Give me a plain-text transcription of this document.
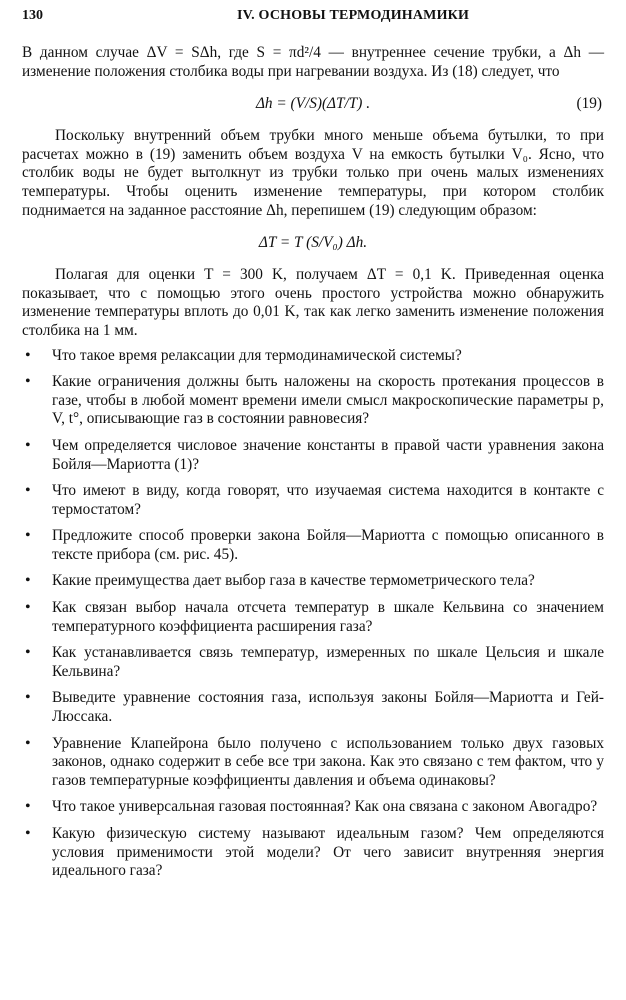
130	IV. ОСНОВЫ ТЕРМОДИНАМИКИ

В данном случае ΔV = SΔh, где S = πd²/4 — внутреннее сечение трубки, а Δh — изменение положения столбика воды при нагревании воздуха. Из (18) следует, что

Δh = (V/S)(ΔT/T) .	(19)

Поскольку внутренний объем трубки много меньше объема бутылки, то при расчетах можно в (19) заменить объем воздуха V на емкость бутылки V₀. Ясно, что столбик воды не будет вытолкнут из трубки только при очень малых изменениях температуры. Чтобы оценить изменение температуры, при котором столбик поднимается на заданное расстояние Δh, перепишем (19) следующим образом:

ΔT = T (S/V₀) Δh.

Полагая для оценки T = 300 K, получаем ΔT = 0,1 K. Приведенная оценка показывает, что с помощью этого очень простого устройства можно обнаружить изменение температуры вплоть до 0,01 K, так как легко заменить изменение положения столбика на 1 мм.

• Что такое время релаксации для термодинамической системы?
• Какие ограничения должны быть наложены на скорость протекания процессов в газе, чтобы в любой момент времени имели смысл макроскопические параметры p, V, t°, описывающие газ в состоянии равновесия?
• Чем определяется числовое значение константы в правой части уравнения закона Бойля—Мариотта (1)?
• Что имеют в виду, когда говорят, что изучаемая система находится в контакте с термостатом?
• Предложите способ проверки закона Бойля—Мариотта с помощью описанного в тексте прибора (см. рис. 45).
• Какие преимущества дает выбор газа в качестве термометрического тела?
• Как связан выбор начала отсчета температур в шкале Кельвина со значением температурного коэффициента расширения газа?
• Как устанавливается связь температур, измеренных по шкале Цельсия и шкале Кельвина?
• Выведите уравнение состояния газа, используя законы Бойля—Мариотта и Гей-Люссака.
• Уравнение Клапейрона было получено с использованием только двух газовых законов, однако содержит в себе все три закона. Как это связано с тем фактом, что у газов температурные коэффициенты давления и объема одинаковы?
• Что такое универсальная газовая постоянная? Как она связана с законом Авогадро?
• Какую физическую систему называют идеальным газом? Чем определяются условия применимости этой модели? От чего зависит внутренняя энергия идеального газа?
